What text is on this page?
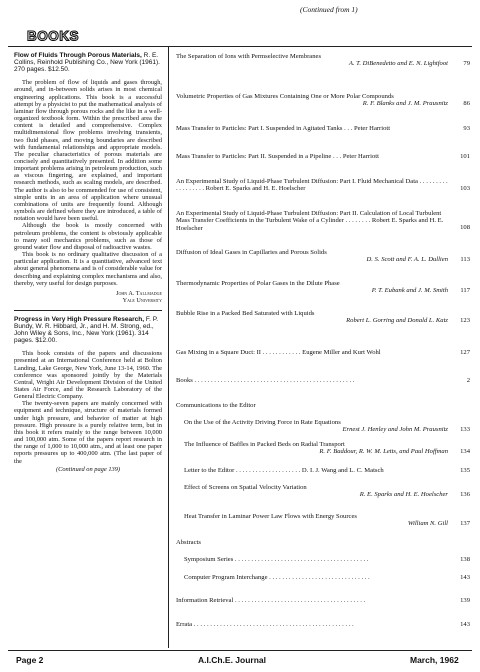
(Continued from 1)
BOOKS
Flow of Fluids Through Porous Materials, R. E. Collins, Reinhold Publishing Co., New York (1961). 270 pages. $12.50.

The problem of flow of liquids and gases through, around, and in-between solids arises in most chemical engineering applications. This book is a successful attempt by a physicist to put the mathematical analysis of laminar flow through porous rocks and the like in a well-organized textbook form. Within the prescribed area the content is detailed and comprehensive. Complex multidimensional flow problems involving transients, two fluid phases, and moving boundaries are described with fundamental relationships and appropriate models. The peculiar characteristics of porous materials are concisely and quantitatively presented. In addition some important problems arising in petroleum production, such as viscous fingering, are explained, and important research methods, such as scaling models, are described. The author is also to be commended for use of consistent, simple units in an area of application where unusual combinations of units are frequently found. Although symbols are defined where they are introduced, a table of notation would have been useful.

Although the book is mostly concerned with petroleum problems, the content is obviously applicable to many soil mechanics problems, such as those of ground water flow and disposal of radioactive wastes.

This book is no ordinary qualitative discussion of a particular application. It is a quantitative, advanced text about general phenomena and is of considerable value for describing and explaining complex mechanisms and also, thereby, very useful for design purposes.

John A. Tallmadge
Yale University
Progress in Very High Pressure Research, F. P. Bundy, W. R. Hibbard, Jr., and H. M. Strong, ed., John Wiley & Sons, Inc., New York (1961). 314 pages. $12.00.

This book consists of the papers and discussions presented at an International Conference held at Bolton Landing, Lake George, New York, June 13-14, 1960. The conference was sponsored jointly by the Materials Central, Wright Air Development Division of the United States Air Force, and the Research Laboratory of the General Electric Company.

The twenty-seven papers are mainly concerned with equipment and technique, structure of materials formed under high pressure, and behavior of matter at high pressure. High pressure is a purely relative term, but in this book it refers mainly to the range between 10,000 and 100,000 atm. Some of the papers report research in the range of 1,000 to 10,000 atm., and at least one paper reports pressures up to 400,000 atm. (The last paper of the

(Continued on page 139)

The Separation of Ions with Permselective Membranes

A. T. DiBenedetto and E. N. Lightfoot 79

Volumetric Properties of Gas Mixtures Containing One or More Polar Compounds

R. F. Blanks and J. M. Prausnitz 86

Mass Transfer to Particles: Part I. Suspended in Agitated Tanks . . . Peter Harriott	93

Mass Transfer to Particles: Part II. Suspended in a Pipeline . . . Peter Harriott	101

An Experimental Study of Liquid-Phase Turbulent Diffusion: Part I. Fluid Mechanical Data . . . . . . . . . . . . . . . . . . Robert E. Sparks and H. E. Hoelscher	103

An Experimental Study of Liquid-Phase Turbulent Diffusion: Part II. Calculation of Local Turbulent Mass Transfer Coefficients in the Turbulent Wake of a Cylinder . . . . . . . . Robert E. Sparks and H. E. Hoelscher	108

Diffusion of Ideal Gases in Capillaries and Porous Solids

D. S. Scott and F. A. L. Dullien 113

Thermodynamic Properties of Polar Gases in the Dilute Phase

P. T. Eubank and J. M. Smith 117

Bubble Rise in a Packed Bed Saturated with Liquids

Robert L. Gorring and Donald L. Katz 123

Gas Mixing in a Square Duct: II . . . . . . . . . . . . Eugene Miller and Kurt Wohl	127

Books . . . . . . . . . . . . . . . . . . . . . . . . . . . . . . . . . . . . . . . . . . . . . . . . .	2

Communications to the Editor

On the Use of the Activity Driving Force in Rate Equations

Ernest J. Henley and John M. Prausnitz 133

The Influence of Baffles in Packed Beds on Radial Transport

R. F. Baddour, R. W. M. Letts, and Paul Hoffman 134

Letter to the Editor . . . . . . . . . . . . . . . . . . . . D. I. J. Wang and L. C. Matsch	135

Effect of Screens on Spatial Velocity Variation

R. E. Sparks and H. E. Hoelscher 136

Heat Transfer in Laminar Power Law Flows with Energy Sources

William N. Gill 137

Abstracts

Symposium Series . . . . . . . . . . . . . . . . . . . . . . . . . . . . . . . . . . . . . . . . .	138

Computer Program Interchange . . . . . . . . . . . . . . . . . . . . . . . . . . . . . . .	143

Information Retrieval . . . . . . . . . . . . . . . . . . . . . . . . . . . . . . . . . . . . . . . .	139

Errata . . . . . . . . . . . . . . . . . . . . . . . . . . . . . . . . . . . . . . . . . . . . . . . . .	143

Page 2	A.I.Ch.E. Journal	March, 1962
